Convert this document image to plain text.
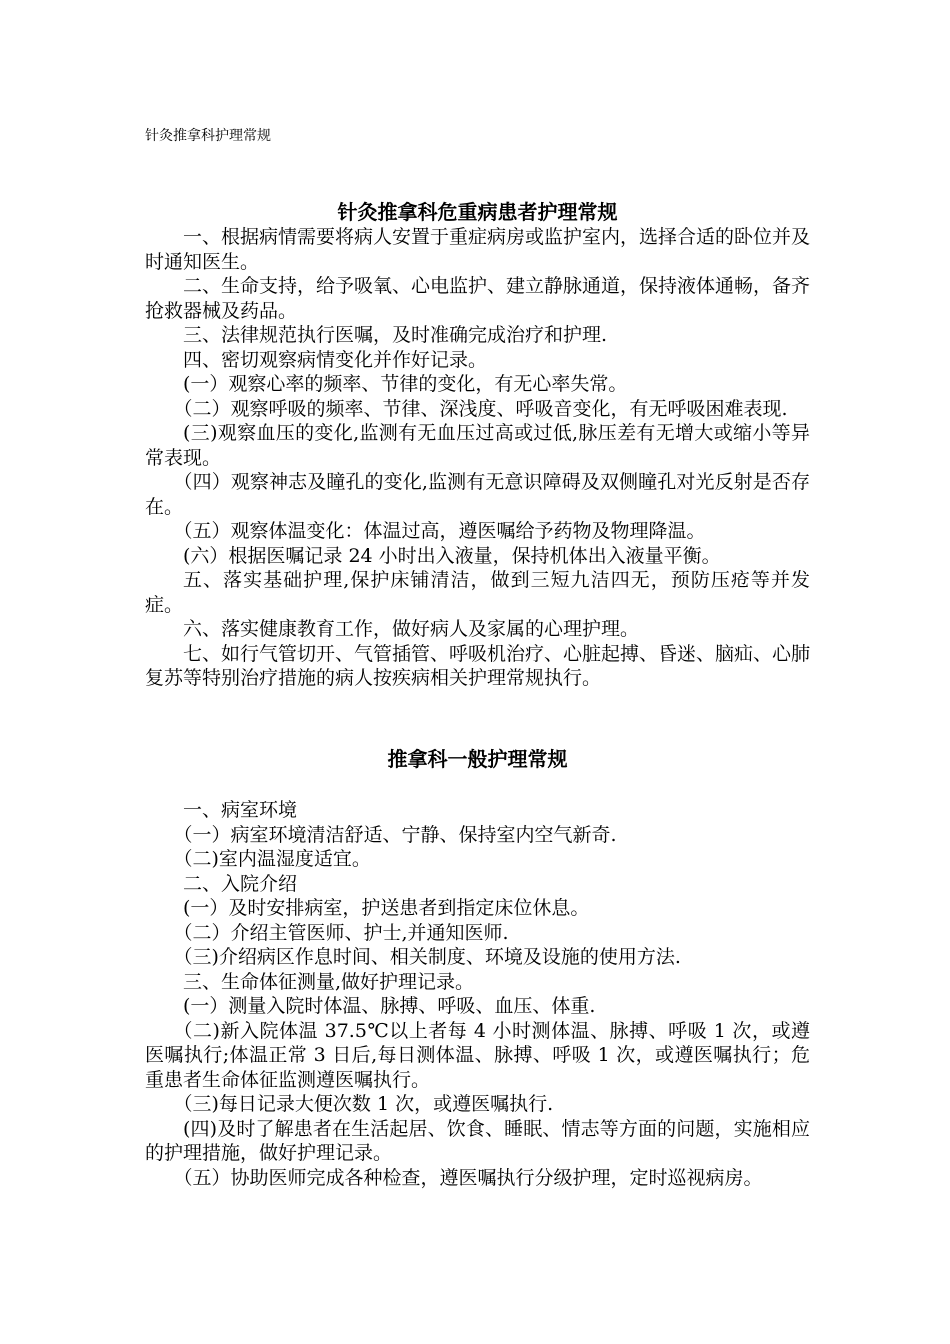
针灸推拿科护理常规
针灸推拿科危重病患者护理常规

一、根据病情需要将病人安置于重症病房或监护室内，选择合适的卧位并及时通知医生。

二、生命支持，给予吸氧、心电监护、建立静脉通道，保持液体通畅，备齐抢救器械及药品。

三、法律规范执行医嘱，及时准确完成治疗和护理.

四、密切观察病情变化并作好记录。

(一）观察心率的频率、节律的变化，有无心率失常。

（二）观察呼吸的频率、节律、深浅度、呼吸音变化，有无呼吸困难表现.

(三)观察血压的变化,监测有无血压过高或过低,脉压差有无增大或缩小等异常表现。

（四）观察神志及瞳孔的变化,监测有无意识障碍及双侧瞳孔对光反射是否存在。

（五）观察体温变化：体温过高，遵医嘱给予药物及物理降温。

(六）根据医嘱记录 24 小时出入液量，保持机体出入液量平衡。

五、落实基础护理,保护床铺清洁，做到三短九洁四无，预防压疮等并发症。

六、落实健康教育工作，做好病人及家属的心理护理。

七、如行气管切开、气管插管、呼吸机治疗、心脏起搏、昏迷、脑疝、心肺复苏等特别治疗措施的病人按疾病相关护理常规执行。

推拿科一般护理常规

一、病室环境

（一）病室环境清洁舒适、宁静、保持室内空气新奇.

（二)室内温湿度适宜。

二、入院介绍

(一）及时安排病室，护送患者到指定床位休息。

（二）介绍主管医师、护士,并通知医师.

（三)介绍病区作息时间、相关制度、环境及设施的使用方法.

三、生命体征测量,做好护理记录。

(一）测量入院时体温、脉搏、呼吸、血压、体重.

（二)新入院体温 37.5℃以上者每 4 小时测体温、脉搏、呼吸 1 次，或遵医嘱执行;体温正常 3 日后,每日测体温、脉搏、呼吸 1 次，或遵医嘱执行；危重患者生命体征监测遵医嘱执行。

（三)每日记录大便次数 1 次，或遵医嘱执行.

(四)及时了解患者在生活起居、饮食、睡眠、情志等方面的问题，实施相应的护理措施，做好护理记录。

（五）协助医师完成各种检查，遵医嘱执行分级护理，定时巡视病房。
